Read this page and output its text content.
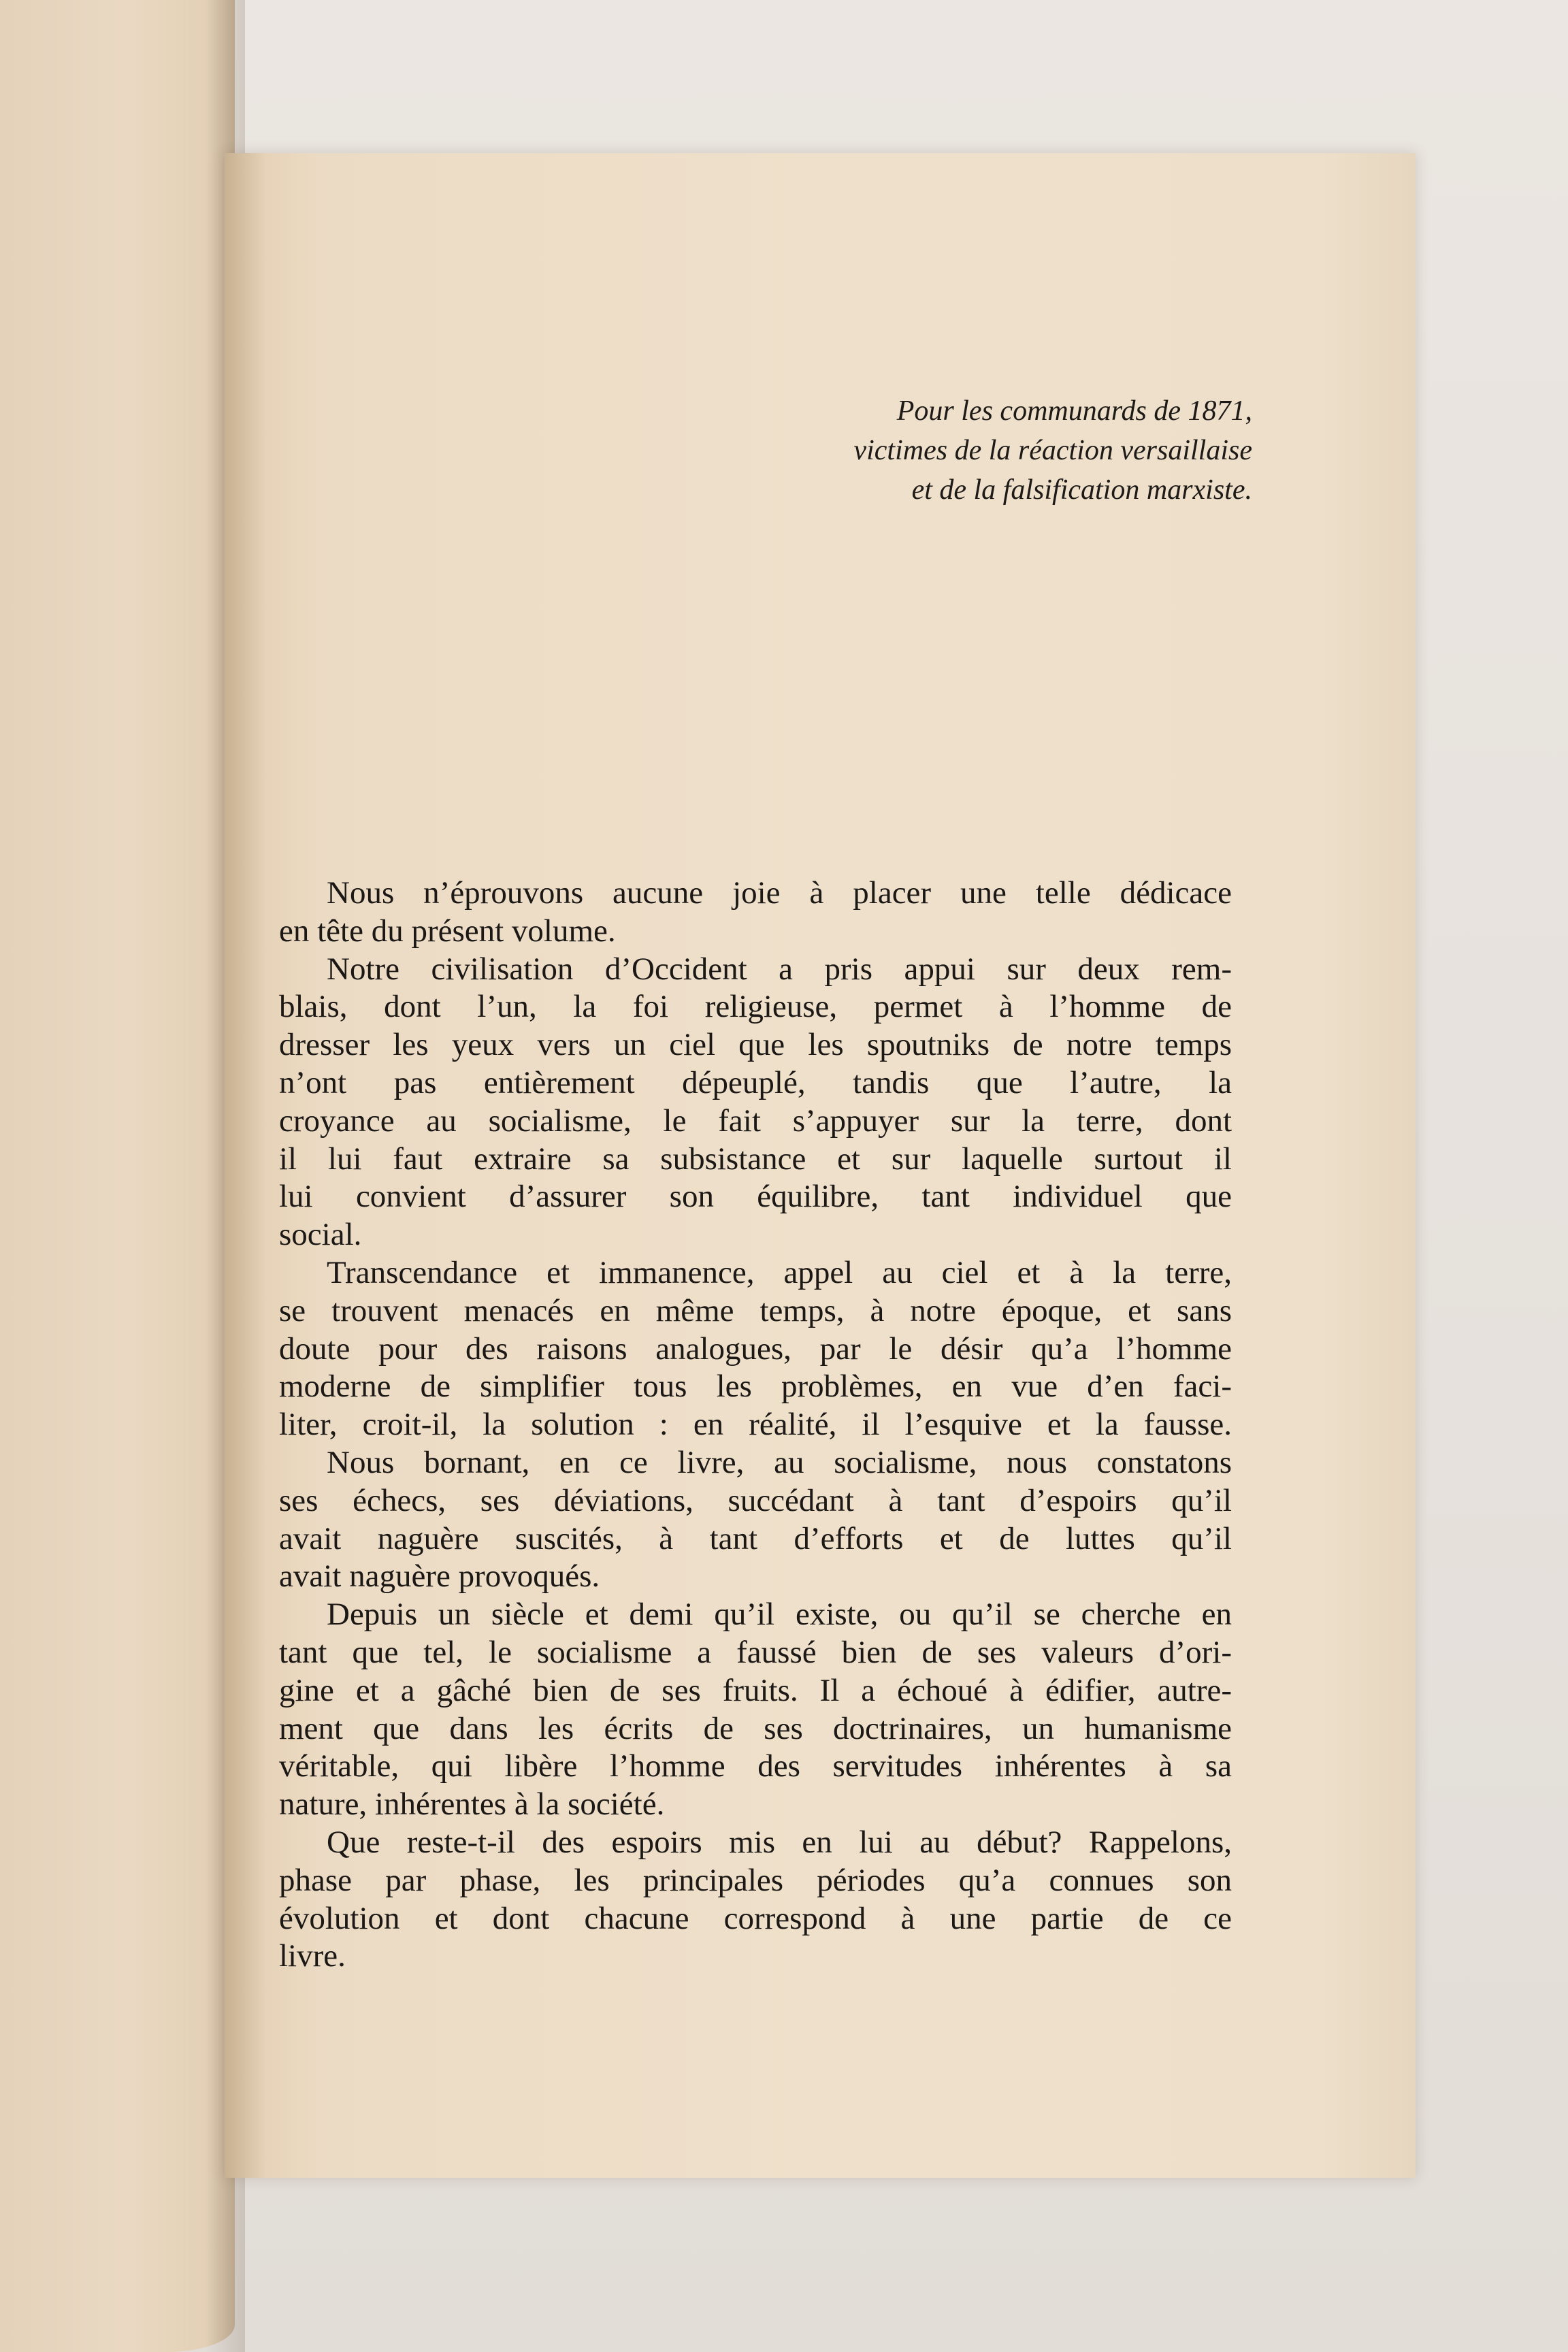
Pour les communards de 1871,
victimes de la réaction versaillaise
et de la falsification marxiste.
Nous n’éprouvons aucune joie à placer une telle dédicace
en tête du présent volume.
Notre civilisation d’Occident a pris appui sur deux rem-
blais, dont l’un, la foi religieuse, permet à l’homme de
dresser les yeux vers un ciel que les spoutniks de notre temps
n’ont pas entièrement dépeuplé, tandis que l’autre, la
croyance au socialisme, le fait s’appuyer sur la terre, dont
il lui faut extraire sa subsistance et sur laquelle surtout il
lui convient d’assurer son équilibre, tant individuel que
social.
Transcendance et immanence, appel au ciel et à la terre,
se trouvent menacés en même temps, à notre époque, et sans
doute pour des raisons analogues, par le désir qu’a l’homme
moderne de simplifier tous les problèmes, en vue d’en faci-
liter, croit-il, la solution : en réalité, il l’esquive et la fausse.
Nous bornant, en ce livre, au socialisme, nous constatons
ses échecs, ses déviations, succédant à tant d’espoirs qu’il
avait naguère suscités, à tant d’efforts et de luttes qu’il
avait naguère provoqués.
Depuis un siècle et demi qu’il existe, ou qu’il se cherche en
tant que tel, le socialisme a faussé bien de ses valeurs d’ori-
gine et a gâché bien de ses fruits. Il a échoué à édifier, autre-
ment que dans les écrits de ses doctrinaires, un humanisme
véritable, qui libère l’homme des servitudes inhérentes à sa
nature, inhérentes à la société.
Que reste-t-il des espoirs mis en lui au début? Rappelons,
phase par phase, les principales périodes qu’a connues son
évolution et dont chacune correspond à une partie de ce
livre.
